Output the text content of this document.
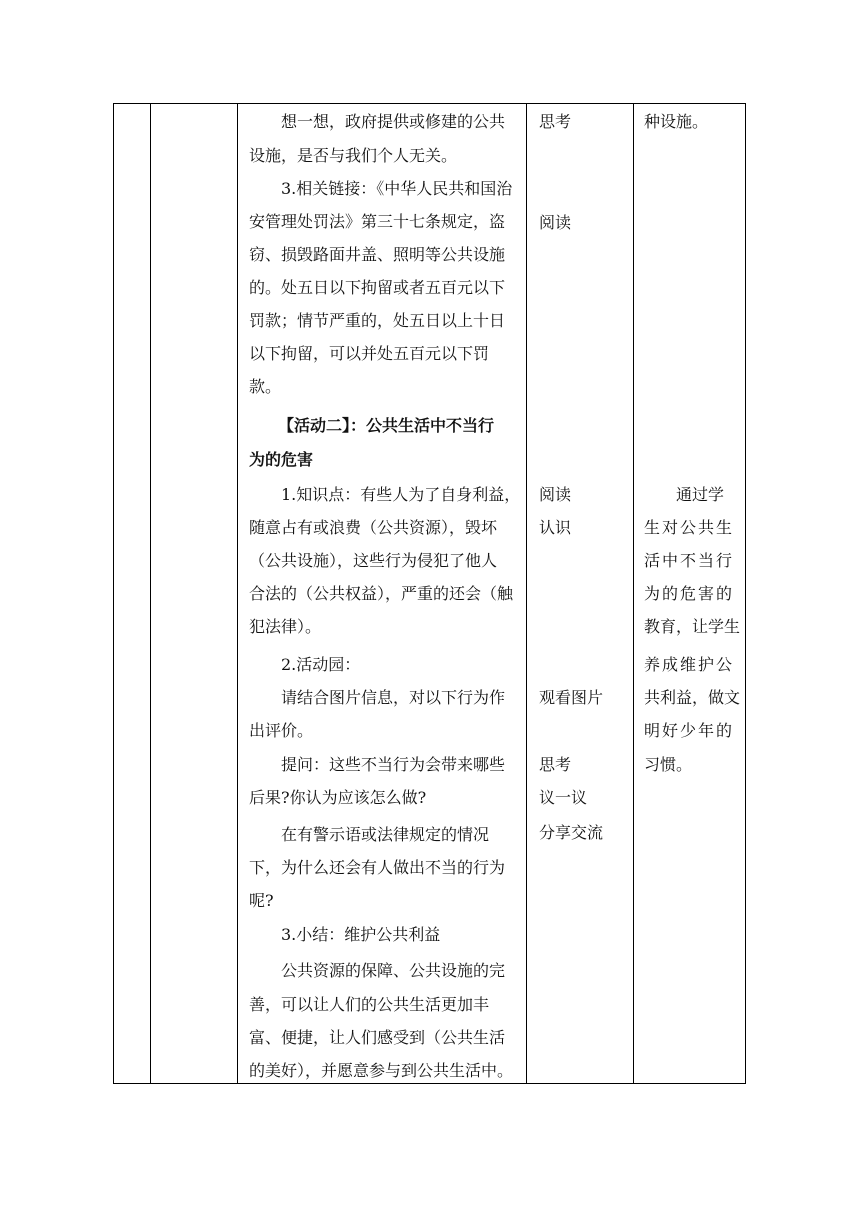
想一想，政府提供或修建的公共
设施，是否与我们个人无关。
3.相关链接：《中华人民共和国治
安管理处罚法》第三十七条规定，盗
窃、损毁路面井盖、照明等公共设施
的。处五日以下拘留或者五百元以下
罚款；情节严重的，处五日以上十日
以下拘留，可以并处五百元以下罚
款。
【活动二】：公共生活中不当行
为的危害
1.知识点：有些人为了自身利益，
随意占有或浪费（公共资源），毁坏
（公共设施），这些行为侵犯了他人
合法的（公共权益），严重的还会（触
犯法律）。
2.活动园：
请结合图片信息，对以下行为作
出评价。
提问：这些不当行为会带来哪些
后果?你认为应该怎么做?
在有警示语或法律规定的情况
下，为什么还会有人做出不当的行为
呢?
3.小结：维护公共利益
公共资源的保障、公共设施的完
善，可以让人们的公共生活更加丰
富、便捷，让人们感受到（公共生活
的美好），并愿意参与到公共生活中。
思考
阅读
阅读
认识
观看图片
思考
议一议
分享交流
种设施。
通过学
生对公共生
活中不当行
为的危害的
教育，让学生
养成维护公
共利益，做文
明好少年的
习惯。
